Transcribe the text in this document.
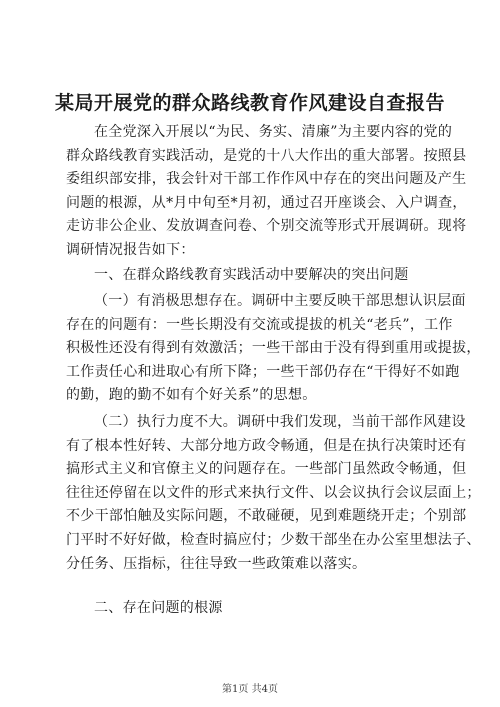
某局开展党的群众路线教育作风建设自查报告
在全党深入开展以“为民、务实、清廉”为主要内容的党的
群众路线教育实践活动，是党的十八大作出的重大部署。按照县
委组织部安排，我会针对干部工作作风中存在的突出问题及产生
问题的根源，从*月中旬至*月初，通过召开座谈会、入户调查，
走访非公企业、发放调查问卷、个别交流等形式开展调研。现将
调研情况报告如下：
一、在群众路线教育实践活动中要解决的突出问题
（一）有消极思想存在。调研中主要反映干部思想认识层面
存在的问题有：一些长期没有交流或提拔的机关“老兵”，工作
积极性还没有得到有效激活；一些干部由于没有得到重用或提拔，
工作责任心和进取心有所下降；一些干部仍存在“干得好不如跑
的勤，跑的勤不如有个好关系”的思想。
（二）执行力度不大。调研中我们发现，当前干部作风建设
有了根本性好转、大部分地方政令畅通，但是在执行决策时还有
搞形式主义和官僚主义的问题存在。一些部门虽然政令畅通，但
往往还停留在以文件的形式来执行文件、以会议执行会议层面上；
不少干部怕触及实际问题，不敢碰硬，见到难题绕开走；个别部
门平时不好好做，检查时搞应付；少数干部坐在办公室里想法子、
分任务、压指标，往往导致一些政策难以落实。
二、存在问题的根源
第1页 共4页
